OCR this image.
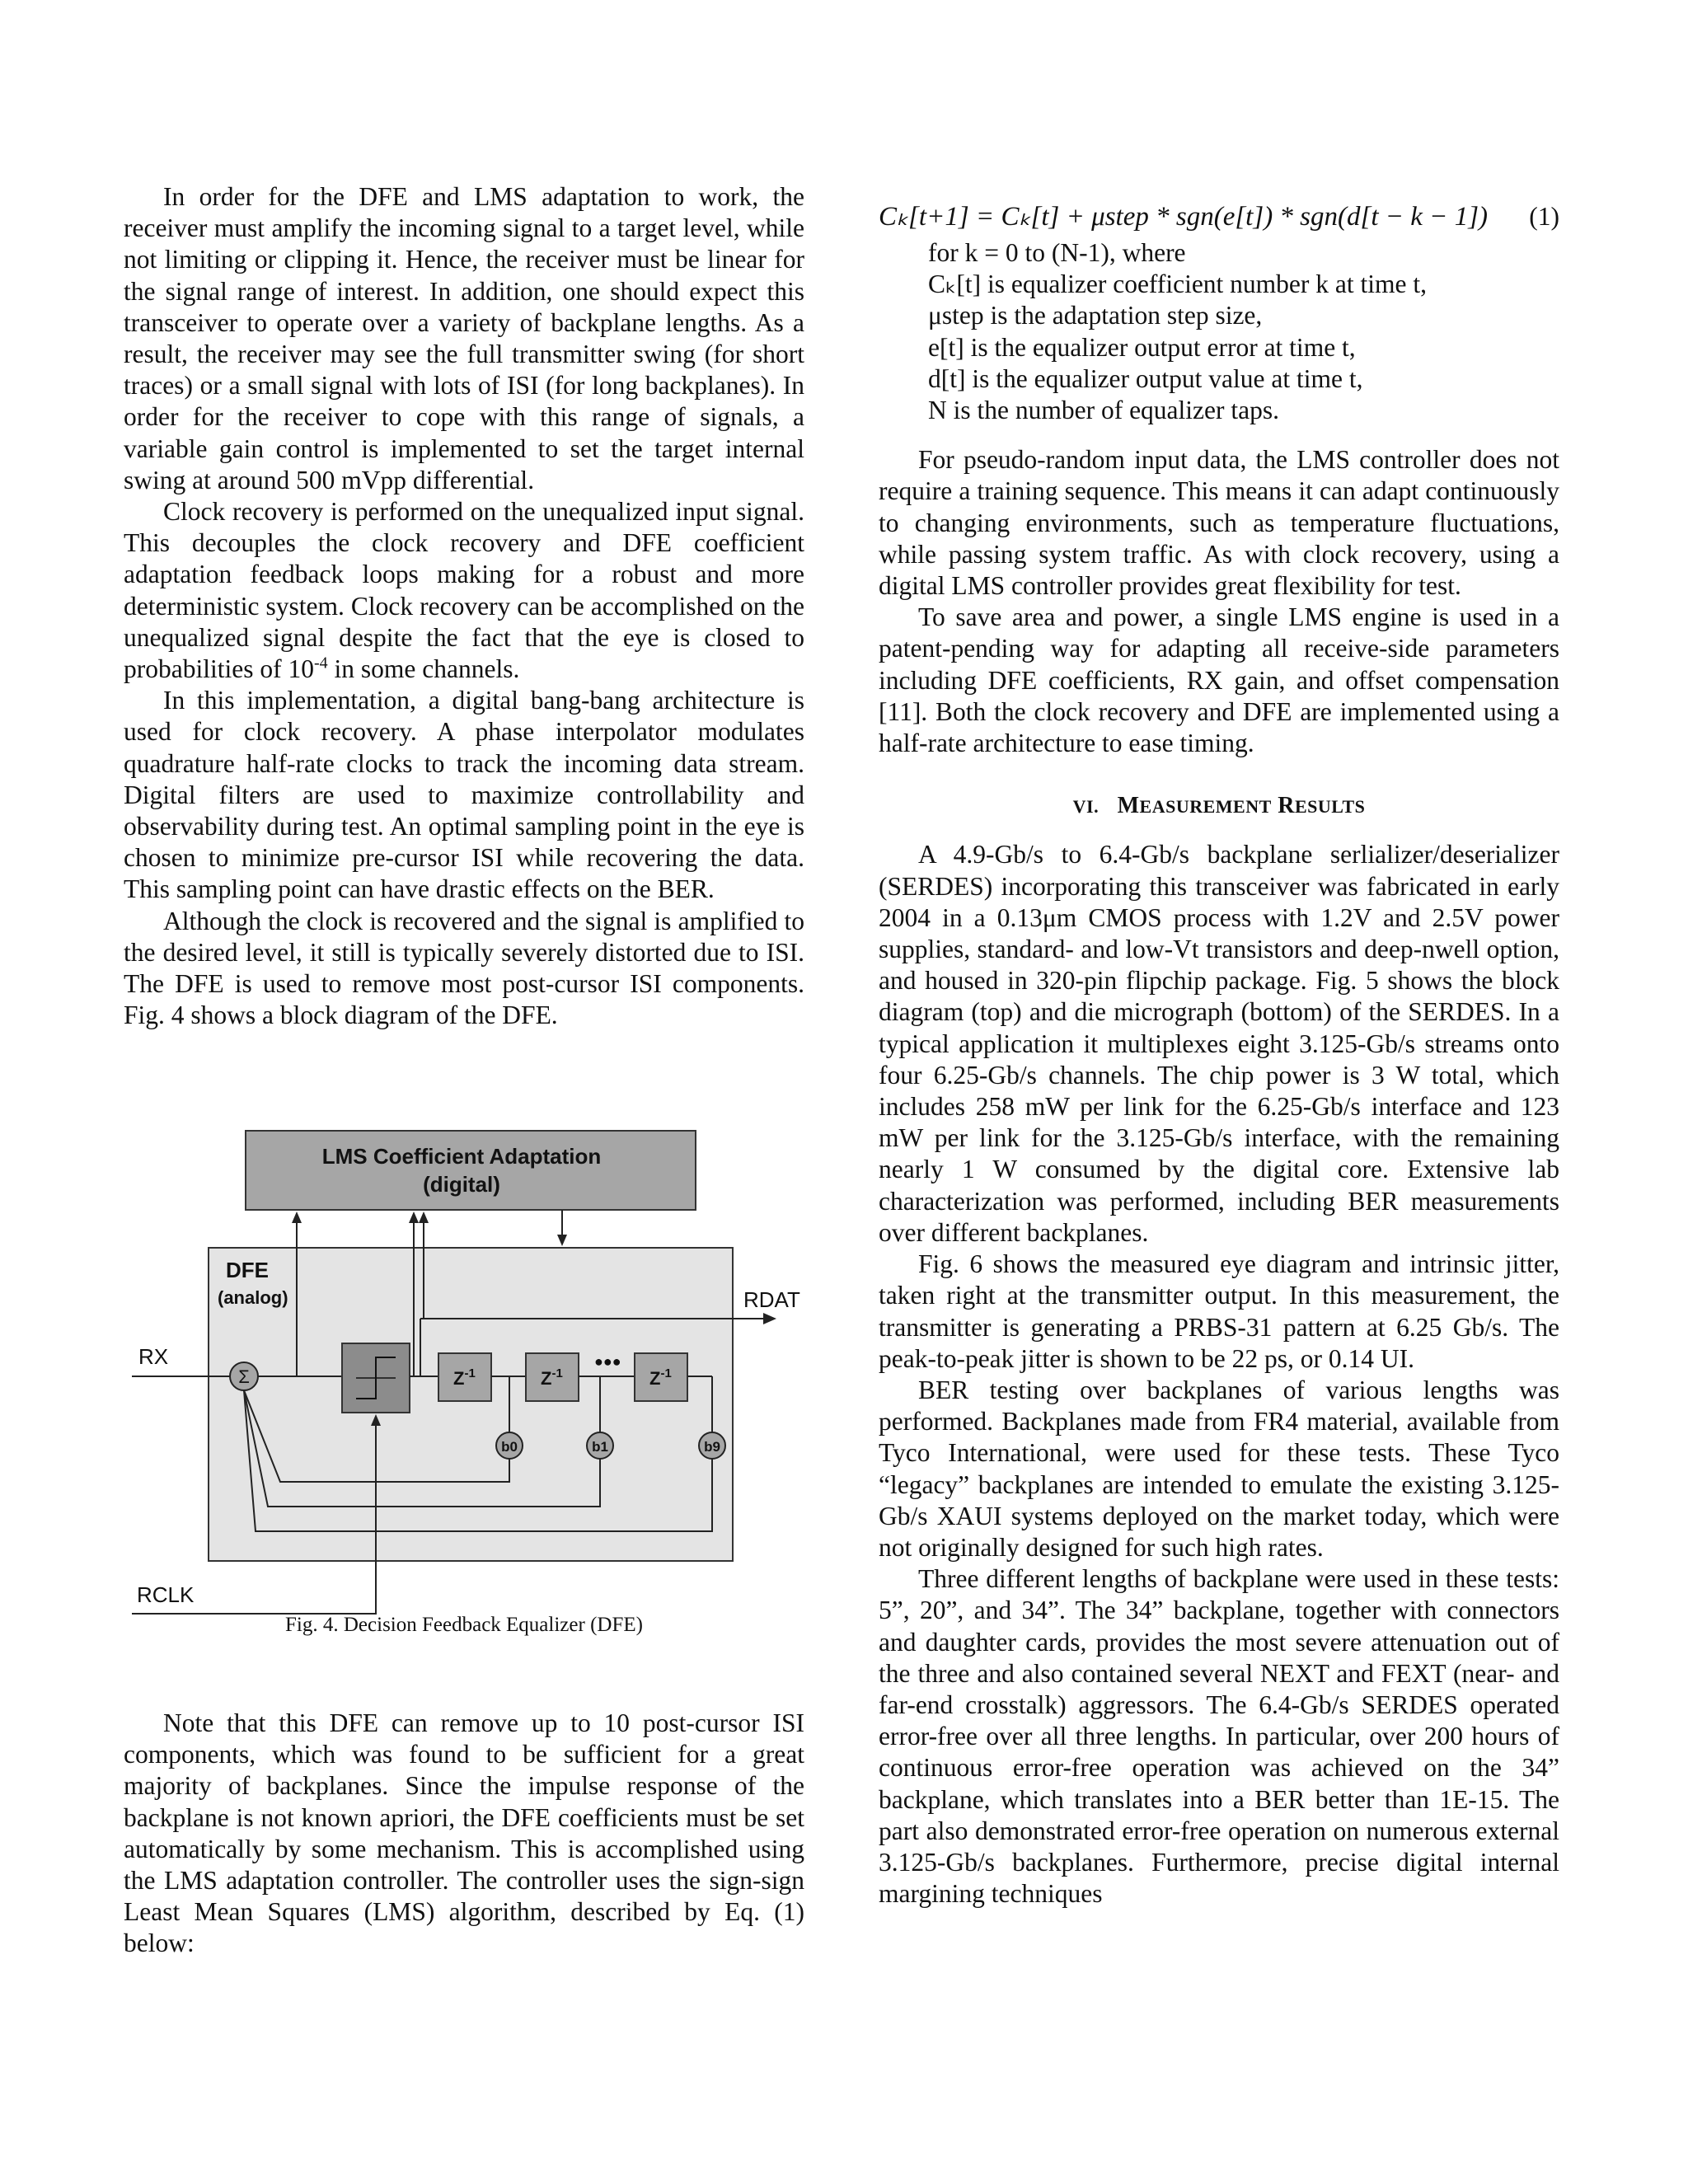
In order for the DFE and LMS adaptation to work, the receiver must amplify the incoming signal to a target level, while not limiting or clipping it. Hence, the receiver must be linear for the signal range of interest. In addition, one should expect this transceiver to operate over a variety of backplane lengths. As a result, the receiver may see the full transmitter swing (for short traces) or a small signal with lots of ISI (for long backplanes). In order for the receiver to cope with this range of signals, a variable gain control is implemented to set the target internal swing at around 500 mVpp differential.

Clock recovery is performed on the unequalized input signal. This decouples the clock recovery and DFE coefficient adaptation feedback loops making for a robust and more deterministic system. Clock recovery can be accomplished on the unequalized signal despite the fact that the eye is closed to probabilities of $10^{-4}$ in some channels.

In this implementation, a digital bang-bang architecture is used for clock recovery. A phase interpolator modulates quadrature half-rate clocks to track the incoming data stream. Digital filters are used to maximize controllability and observability during test. An optimal sampling point in the eye is chosen to minimize pre-cursor ISI while recovering the data. This sampling point can have drastic effects on the BER.

Although the clock is recovered and the signal is amplified to the desired level, it still is typically severely distorted due to ISI. The DFE is used to remove most post-cursor ISI components. Fig. 4 shows a block diagram of the DFE.

LMS Coefficient Adaptation
(digital)
DFE
(analog)
RX
Σ
RDAT
$Z^{-1}$	$Z^{-1}$
●●●
$Z^{-1}$
b0	b1	b9
RCLK
Fig. 4. Decision Feedback Equalizer (DFE)

Note that this DFE can remove up to 10 post-cursor ISI components, which was found to be sufficient for a great majority of backplanes. Since the impulse response of the backplane is not known apriori, the DFE coefficients must be set automatically by some mechanism. This is accomplished using the LMS adaptation controller. The controller uses the sign-sign Least Mean Squares (LMS) algorithm, described by Eq. (1) below:

Cₖ[t+1] = Cₖ[t] + μstep * sgn(e[t]) * sgn(d[t − k − 1]) (1)
for k = 0 to (N-1), where
Cₖ[t] is equalizer coefficient number k at time t,
μstep is the adaptation step size,
e[t] is the equalizer output error at time t,
d[t] is the equalizer output value at time t,
N is the number of equalizer taps.

For pseudo-random input data, the LMS controller does not require a training sequence. This means it can adapt continuously to changing environments, such as temperature fluctuations, while passing system traffic. As with clock recovery, using a digital LMS controller provides great flexibility for test.

To save area and power, a single LMS engine is used in a patent-pending way for adapting all receive-side parameters including DFE coefficients, RX gain, and offset compensation [11]. Both the clock recovery and DFE are implemented using a half-rate architecture to ease timing.

VI. MEASUREMENT RESULTS

A 4.9-Gb/s to 6.4-Gb/s backplane serlializer/deserializer (SERDES) incorporating this transceiver was fabricated in early 2004 in a 0.13μm CMOS process with 1.2V and 2.5V power supplies, standard- and low-Vt transistors and deep-nwell option, and housed in 320-pin flipchip package. Fig. 5 shows the block diagram (top) and die micrograph (bottom) of the SERDES. In a typical application it multiplexes eight 3.125-Gb/s streams onto four 6.25-Gb/s channels. The chip power is 3 W total, which includes 258 mW per link for the 6.25-Gb/s interface and 123 mW per link for the 3.125-Gb/s interface, with the remaining nearly 1 W consumed by the digital core. Extensive lab characterization was performed, including BER measurements over different backplanes.

Fig. 6 shows the measured eye diagram and intrinsic jitter, taken right at the transmitter output. In this measurement, the transmitter is generating a PRBS-31 pattern at 6.25 Gb/s. The peak-to-peak jitter is shown to be 22 ps, or 0.14 UI.

BER testing over backplanes of various lengths was performed. Backplanes made from FR4 material, available from Tyco International, were used for these tests. These Tyco “legacy” backplanes are intended to emulate the existing 3.125-Gb/s XAUI systems deployed on the market today, which were not originally designed for such high rates.

Three different lengths of backplane were used in these tests: 5”, 20”, and 34”. The 34” backplane, together with connectors and daughter cards, provides the most severe attenuation out of the three and also contained several NEXT and FEXT (near- and far-end crosstalk) aggressors. The 6.4-Gb/s SERDES operated error-free over all three lengths. In particular, over 200 hours of continuous error-free operation was achieved on the 34” backplane, which translates into a BER better than 1E-15. The part also demonstrated error-free operation on numerous external 3.125-Gb/s backplanes. Furthermore, precise digital internal margining techniques
